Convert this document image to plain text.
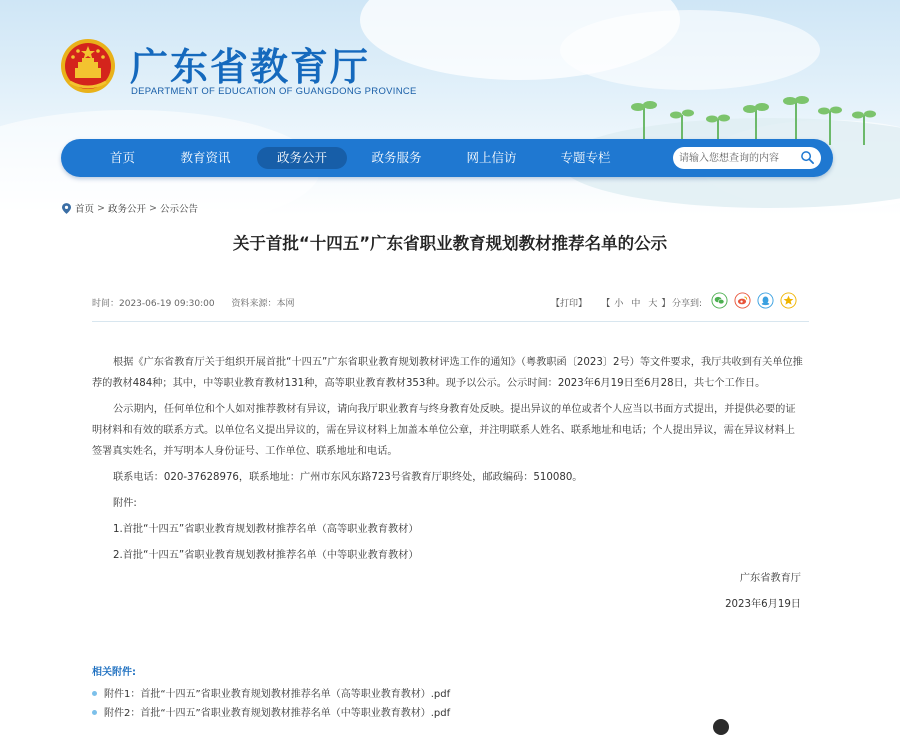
广东省教育厅
DEPARTMENT OF EDUCATION OF GUANGDONG PROVINCE
首页	教育资讯	政务公开	政务服务	网上信访	专题专栏
请输入您想查询的内容
首页 > 政务公开 > 公示公告
关于首批“十四五”广东省职业教育规划教材推荐名单的公示
时间：2023-06-19 09:30:00 资料来源：本网	【打印】 【 小 中 大 】 分享到:

根据《广东省教育厅关于组织开展首批“十四五”广东省职业教育规划教材评选工作的通知》（粤教职函〔2023〕2号）等文件要求，我厅共收到有关单位推荐的教材484种；其中，中等职业教育教材131种，高等职业教育教材353种。现予以公示。公示时间：2023年6月19日至6月28日，共七个工作日。

公示期内，任何单位和个人如对推荐教材有异议，请向我厅职业教育与终身教育处反映。提出异议的单位或者个人应当以书面方式提出，并提供必要的证明材料和有效的联系方式。以单位名义提出异议的，需在异议材料上加盖本单位公章，并注明联系人姓名、联系地址和电话；个人提出异议，需在异议材料上签署真实姓名，并写明本人身份证号、工作单位、联系地址和电话。

联系电话：020-37628976，联系地址：广州市东风东路723号省教育厅职终处，邮政编码：510080。

附件:

1.首批“十四五”省职业教育规划教材推荐名单（高等职业教育教材）

2.首批“十四五”省职业教育规划教材推荐名单（中等职业教育教材）

广东省教育厅
2023年6月19日
相关附件:
附件1：首批“十四五”省职业教育规划教材推荐名单（高等职业教育教材）.pdf
附件2：首批“十四五”省职业教育规划教材推荐名单（中等职业教育教材）.pdf
